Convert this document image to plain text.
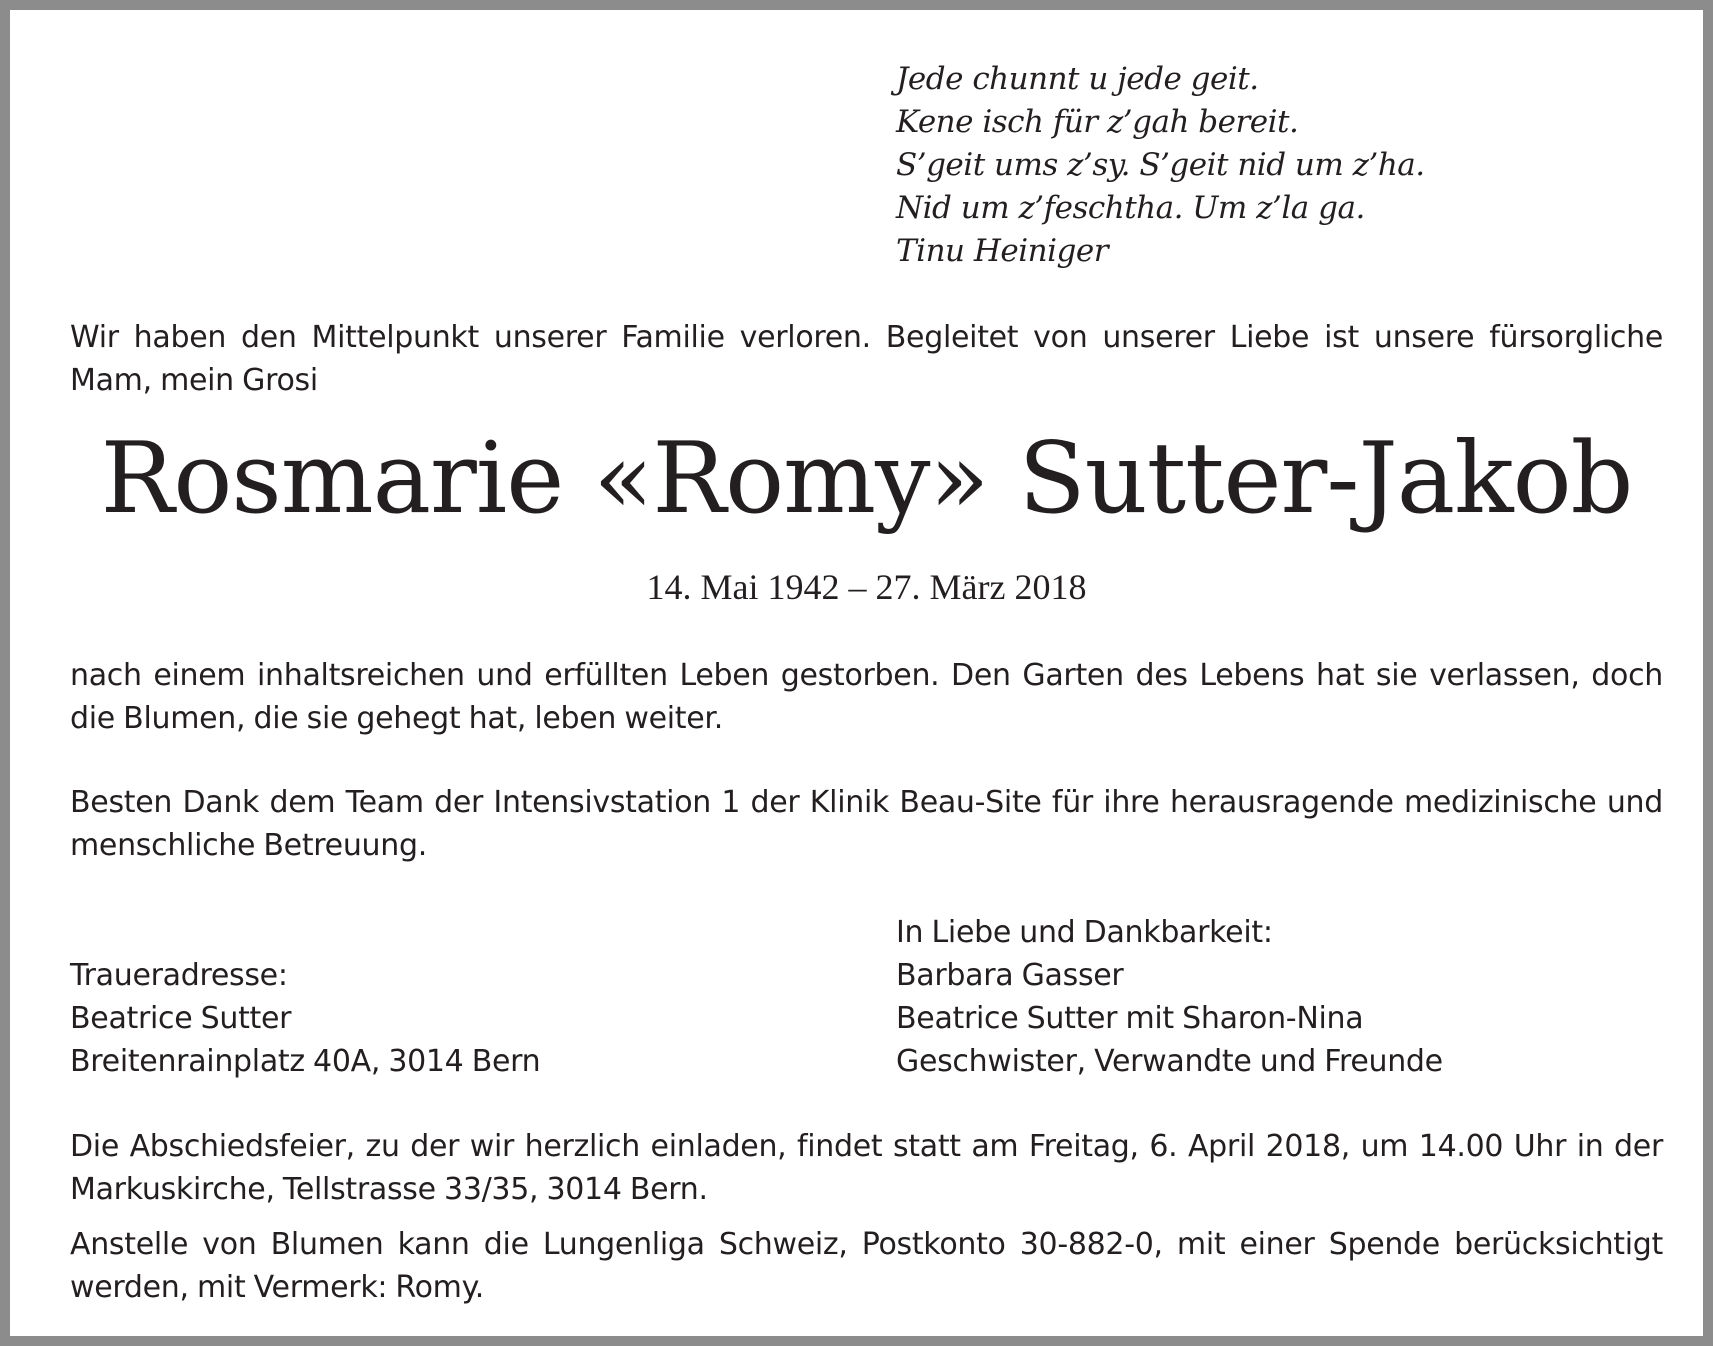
Jede chunnt u jede geit.
Kene isch für z’gah bereit.
S’geit ums z’sy. S’geit nid um z’ha.
Nid um z’feschtha. Um z’la ga.
Tinu Heiniger
Wir haben den Mittelpunkt unserer Familie verloren. Begleitet von unserer Liebe ist unsere fürsorgliche Mam, mein Grosi
Rosmarie «Romy» Sutter-Jakob
14. Mai 1942 – 27. März 2018
nach einem inhaltsreichen und erfüllten Leben gestorben. Den Garten des Lebens hat sie verlassen, doch die Blumen, die sie gehegt hat, leben weiter.
Besten Dank dem Team der Intensivstation 1 der Klinik Beau-Site für ihre herausragende medizinische und menschliche Betreuung.
Traueradresse:
Beatrice Sutter
Breitenrainplatz 40A, 3014 Bern
In Liebe und Dankbarkeit:
Barbara Gasser
Beatrice Sutter mit Sharon-Nina
Geschwister, Verwandte und Freunde
Die Abschiedsfeier, zu der wir herzlich einladen, findet statt am Freitag, 6. April 2018, um 14.00 Uhr in der Markuskirche, Tellstrasse 33/35, 3014 Bern.
Anstelle von Blumen kann die Lungenliga Schweiz, Postkonto 30-882-0, mit einer Spende berücksichtigt werden, mit Vermerk: Romy.
